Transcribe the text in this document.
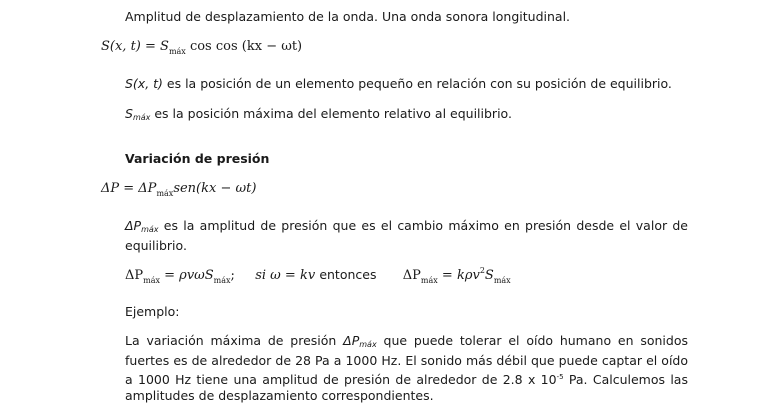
Amplitud de desplazamiento de la onda. Una onda sonora longitudinal.
S(x, $t) = S_{máx}$ cos cos (kx − ωt)
S(x, t) es la posición de un elemento pequeño en relación con su posición de equilibrio.
Smáx es la posición máxima del elemento relativo al equilibrio.
Variación de presión
$\Delta P = \Delta P_{máx}sen(kx - \omega t)$
ΔPmáx es la amplitud de presión que es el cambio máximo en presión desde el valor de equilibrio.
$\Delta P_{máx} = \rho v\omega S_{máx}$; si ω = kv entonces $\Delta P_{máx} = k\rho v^2S_{máx}$
Ejemplo:
La variación máxima de presión ΔPmáx que puede tolerar el oído humano en sonidos fuertes es de alrededor de 28 Pa a 1000 Hz. El sonido más débil que puede captar el oído a 1000 Hz tiene una amplitud de presión de alrededor de 2.8 x $10^{-5}$ Pa. Calculemos las amplitudes de desplazamiento correspondientes.
